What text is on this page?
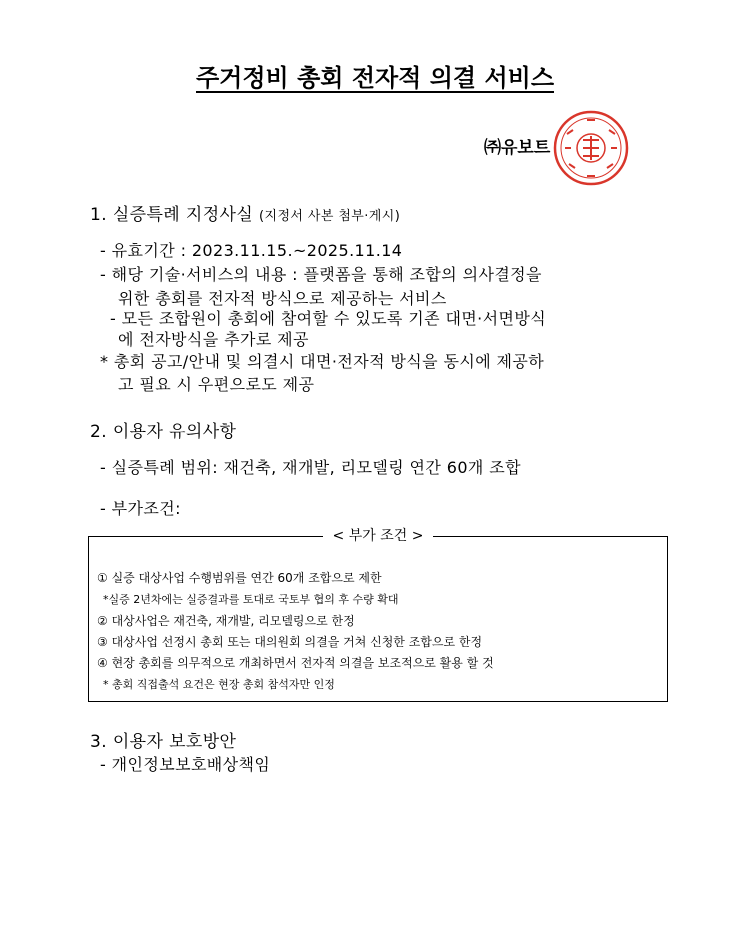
주거정비 총회 전자적 의결 서비스
㈜유보트
1. 실증특례 지정사실 (지정서 사본 첨부·게시)
- 유효기간 : 2023.11.15.~2025.11.14
- 해당 기술·서비스의 내용 : 플랫폼을 통해 조합의 의사결정을
위한 총회를 전자적 방식으로 제공하는 서비스
- 모든 조합원이 총회에 참여할 수 있도록 기존 대면·서면방식
에 전자방식을 추가로 제공
* 총회 공고/안내 및 의결시 대면·전자적 방식을 동시에 제공하
고 필요 시 우편으로도 제공
2. 이용자 유의사항
- 실증특례 범위: 재건축, 재개발, 리모델링 연간 60개 조합
- 부가조건:
< 부가 조건 >
① 실증 대상사업 수행범위를 연간 60개 조합으로 제한
*실증 2년차에는 실증결과를 토대로 국토부 협의 후 수량 확대
② 대상사업은 재건축, 재개발, 리모델링으로 한정
③ 대상사업 선정시 총회 또는 대의원회 의결을 거쳐 신청한 조합으로 한정
④ 현장 총회를 의무적으로 개최하면서 전자적 의결을 보조적으로 활용 할 것
* 총회 직접출석 요건은 현장 총회 참석자만 인정
3. 이용자 보호방안
- 개인정보보호배상책임
